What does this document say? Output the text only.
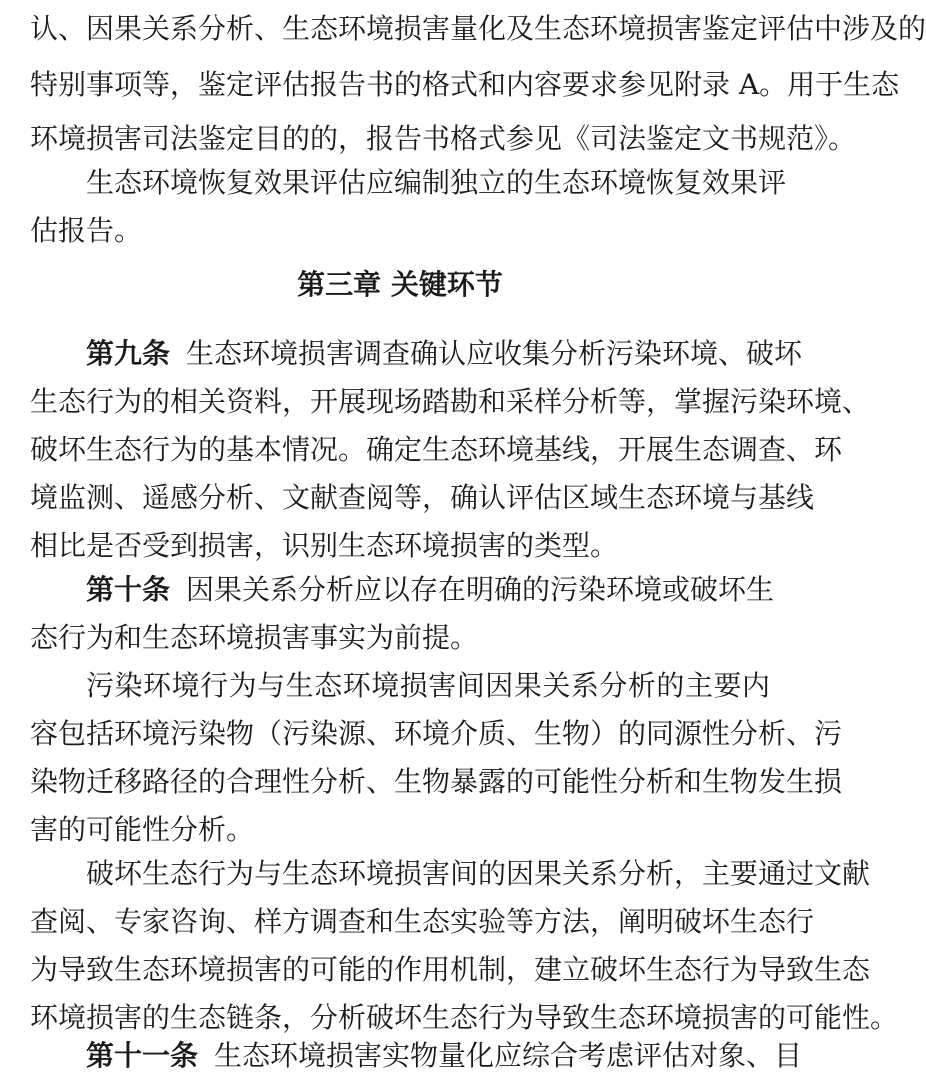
认、因果关系分析、生态环境损害量化及生态环境损害鉴定评估中涉及的
特别事项等，鉴定评估报告书的格式和内容要求参见附录 A。用于生态
环境损害司法鉴定目的的，报告书格式参见《司法鉴定文书规范》。
生态环境恢复效果评估应编制独立的生态环境恢复效果评
估报告。
第三章 关键环节
第九条 生态环境损害调查确认应收集分析污染环境、破坏
生态行为的相关资料，开展现场踏勘和采样分析等，掌握污染环境、
破坏生态行为的基本情况。确定生态环境基线，开展生态调查、环
境监测、遥感分析、文献查阅等，确认评估区域生态环境与基线
相比是否受到损害，识别生态环境损害的类型。
第十条 因果关系分析应以存在明确的污染环境或破坏生
态行为和生态环境损害事实为前提。
污染环境行为与生态环境损害间因果关系分析的主要内
容包括环境污染物（污染源、环境介质、生物）的同源性分析、污
染物迁移路径的合理性分析、生物暴露的可能性分析和生物发生损
害的可能性分析。
破坏生态行为与生态环境损害间的因果关系分析，主要通过文献
查阅、专家咨询、样方调查和生态实验等方法，阐明破坏生态行
为导致生态环境损害的可能的作用机制，建立破坏生态行为导致生态
环境损害的生态链条，分析破坏生态行为导致生态环境损害的可能性。
第十一条 生态环境损害实物量化应综合考虑评估对象、目
